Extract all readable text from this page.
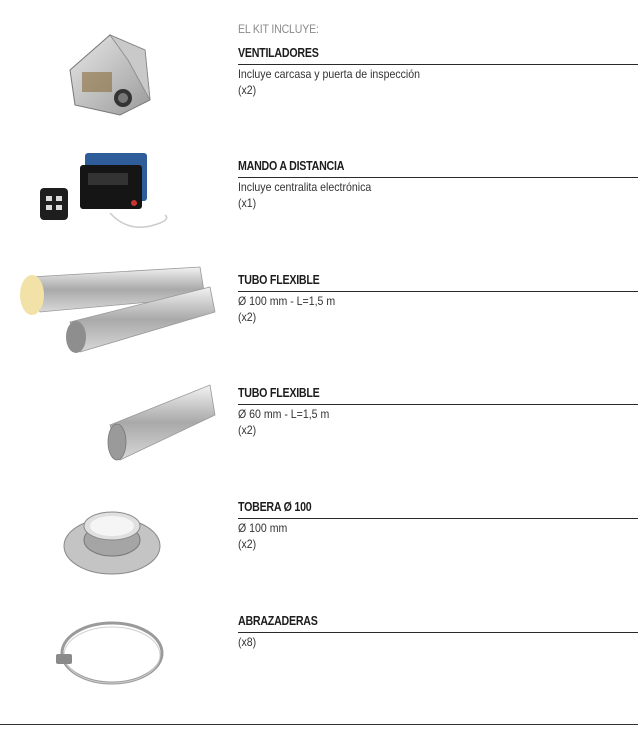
EL KIT INCLUYE:
VENTILADORES
Incluye carcasa y puerta de inspección
(x2)
MANDO A DISTANCIA
Incluye centralita electrónica
(x1)
TUBO FLEXIBLE
Ø 100 mm - L=1,5 m
(x2)
TUBO FLEXIBLE
Ø 60 mm - L=1,5 m
(x2)
TOBERA Ø 100
Ø 100 mm
(x2)
ABRAZADERAS
(x8)
